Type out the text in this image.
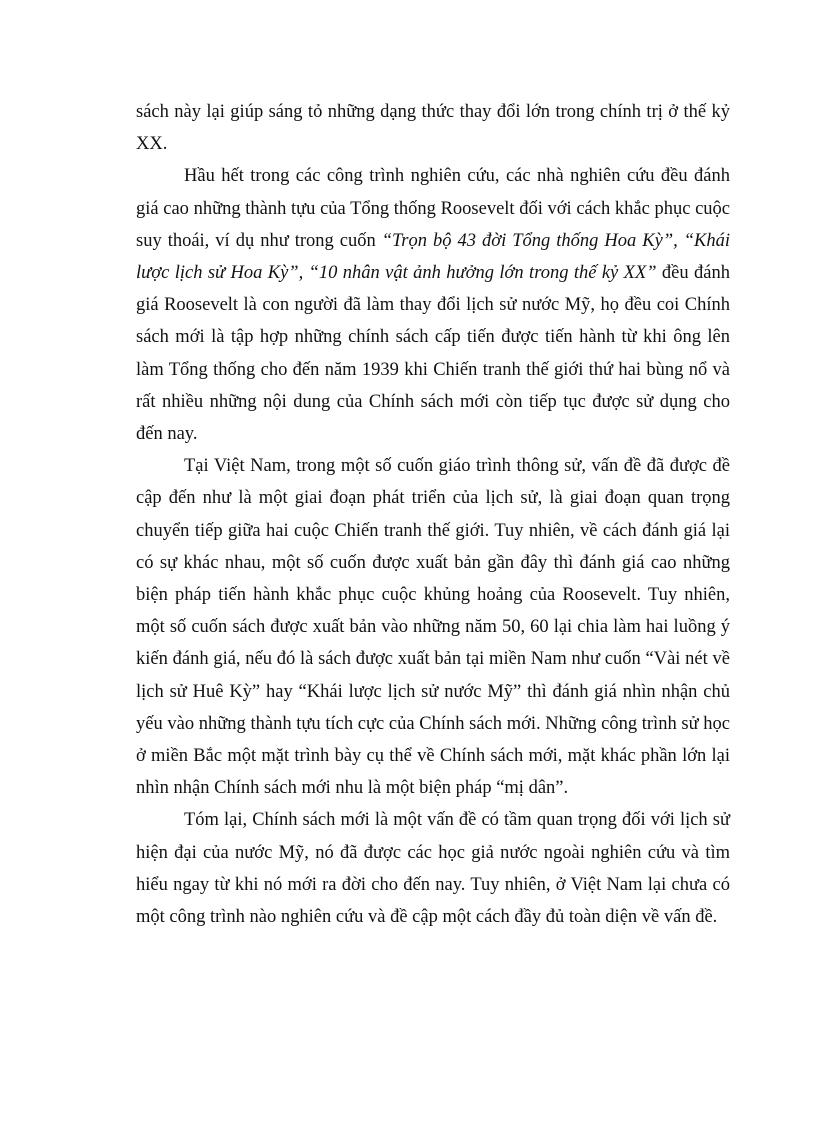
sách này lại giúp sáng tỏ những dạng thức thay đổi lớn trong chính trị ở thế kỷ XX.

Hầu hết trong các công trình nghiên cứu, các nhà nghiên cứu đều đánh giá cao những thành tựu của Tổng thống Roosevelt đối với cách khắc phục cuộc suy thoái, ví dụ như trong cuốn “Trọn bộ 43 đời Tổng thống Hoa Kỳ”, “Khái lược lịch sử Hoa Kỳ”, “10 nhân vật ảnh hưởng lớn trong thế kỷ XX” đều đánh giá Roosevelt là con người đã làm thay đổi lịch sử nước Mỹ, họ đều coi Chính sách mới là tập hợp những chính sách cấp tiến được tiến hành từ khi ông lên làm Tổng thống cho đến năm 1939 khi Chiến tranh thế giới thứ hai bùng nổ và rất nhiều những nội dung của Chính sách mới còn tiếp tục được sử dụng cho đến nay.

Tại Việt Nam, trong một số cuốn giáo trình thông sử, vấn đề đã được đề cập đến như là một giai đoạn phát triển của lịch sử, là giai đoạn quan trọng chuyển tiếp giữa hai cuộc Chiến tranh thế giới. Tuy nhiên, về cách đánh giá lại có sự khác nhau, một số cuốn được xuất bản gần đây thì đánh giá cao những biện pháp tiến hành khắc phục cuộc khủng hoảng của Roosevelt. Tuy nhiên, một số cuốn sách được xuất bản vào những năm 50, 60 lại chia làm hai luồng ý kiến đánh giá, nếu đó là sách được xuất bản tại miền Nam như cuốn “Vài nét về lịch sử Huê Kỳ” hay “Khái lược lịch sử nước Mỹ” thì đánh giá nhìn nhận chủ yếu vào những thành tựu tích cực của Chính sách mới. Những công trình sử học ở miền Bắc một mặt trình bày cụ thể về Chính sách mới, mặt khác phần lớn lại nhìn nhận Chính sách mới nhu là một biện pháp “mị dân”.

Tóm lại, Chính sách mới là một vấn đề có tầm quan trọng đối với lịch sử hiện đại của nước Mỹ, nó đã được các học giả nước ngoài nghiên cứu và tìm hiểu ngay từ khi nó mới ra đời cho đến nay. Tuy nhiên, ở Việt Nam lại chưa có một công trình nào nghiên cứu và đề cập một cách đầy đủ toàn diện về vấn đề.
